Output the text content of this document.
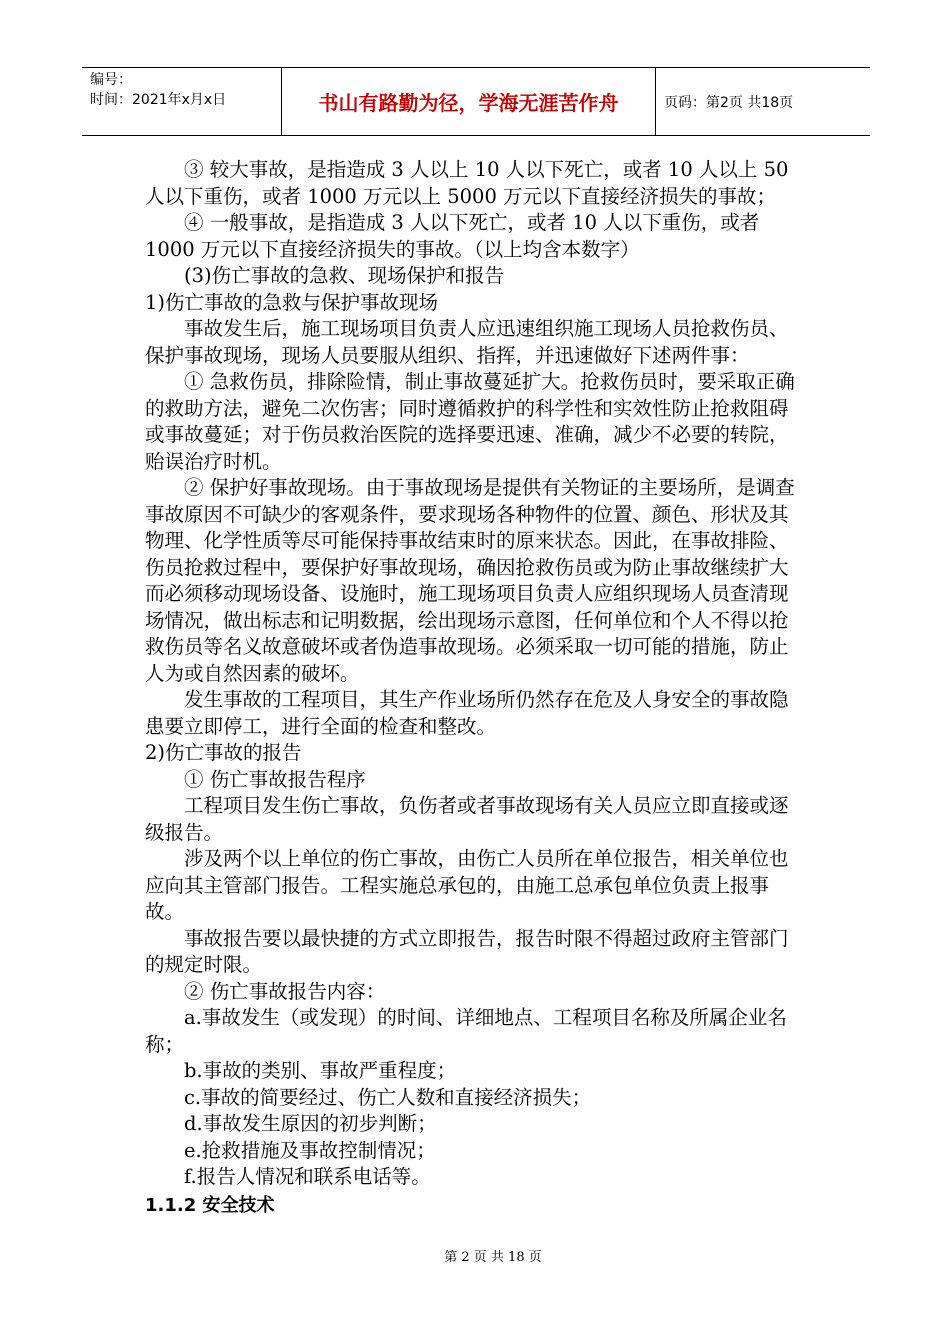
编号：
时间：2021年x月x日	书山有路勤为径，学海无涯苦作舟	页码：第2页 共18页

③ 较大事故，是指造成 3 人以上 10 人以下死亡，或者 10 人以上 50 人以下重伤，或者 1000 万元以上 5000 万元以下直接经济损失的事故；

④ 一般事故，是指造成 3 人以下死亡，或者 10 人以下重伤，或者 1000 万元以下直接经济损失的事故。（以上均含本数字）

(3)伤亡事故的急救、现场保护和报告

1)伤亡事故的急救与保护事故现场

事故发生后，施工现场项目负责人应迅速组织施工现场人员抢救伤员、保护事故现场，现场人员要服从组织、指挥，并迅速做好下述两件事：

① 急救伤员，排除险情，制止事故蔓延扩大。抢救伤员时，要采取正确的救助方法，避免二次伤害；同时遵循救护的科学性和实效性防止抢救阻碍或事故蔓延；对于伤员救治医院的选择要迅速、准确，减少不必要的转院，贻误治疗时机。

② 保护好事故现场。由于事故现场是提供有关物证的主要场所，是调查事故原因不可缺少的客观条件，要求现场各种物件的位置、颜色、形状及其物理、化学性质等尽可能保持事故结束时的原来状态。因此，在事故排险、伤员抢救过程中，要保护好事故现场，确因抢救伤员或为防止事故继续扩大而必须移动现场设备、设施时，施工现场项目负责人应组织现场人员查清现场情况，做出标志和记明数据，绘出现场示意图，任何单位和个人不得以抢救伤员等名义故意破坏或者伪造事故现场。必须采取一切可能的措施，防止人为或自然因素的破坏。

发生事故的工程项目，其生产作业场所仍然存在危及人身安全的事故隐患要立即停工，进行全面的检查和整改。

2)伤亡事故的报告

① 伤亡事故报告程序

工程项目发生伤亡事故，负伤者或者事故现场有关人员应立即直接或逐级报告。

涉及两个以上单位的伤亡事故，由伤亡人员所在单位报告，相关单位也应向其主管部门报告。工程实施总承包的，由施工总承包单位负责上报事故。

事故报告要以最快捷的方式立即报告，报告时限不得超过政府主管部门的规定时限。

② 伤亡事故报告内容：

a.事故发生（或发现）的时间、详细地点、工程项目名称及所属企业名称；

b.事故的类别、事故严重程度；

c.事故的简要经过、伤亡人数和直接经济损失；

d.事故发生原因的初步判断；

e.抢救措施及事故控制情况；

f.报告人情况和联系电话等。

1.1.2 安全技术

第 2 页 共 18 页
